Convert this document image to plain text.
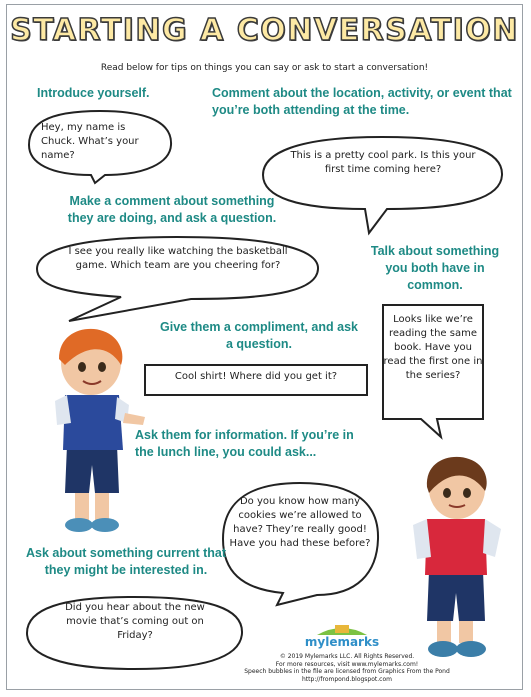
STARTING A CONVERSATION
Read below for tips on things you can say or ask to start a conversation!
Introduce yourself.
Hey, my name is Chuck. What’s your name?
Comment about the location, activity, or event that you’re both attending at the time.
This is a pretty cool park. Is this your first time coming here?
Make a comment about something they are doing, and ask a question.
I see you really like watching the basketball game. Which team are you cheering for?
Talk about something you both have in common.
Looks like we’re reading the same book. Have you read the first one in the series?
Give them a compliment, and ask a question.
Cool shirt! Where did you get it?
Ask them for information. If you’re in the lunch line, you could ask...
Do you know how many cookies we’re allowed to have? They’re really good! Have you had these before?
Ask about something current that they might be interested in.
Did you hear about the new movie that’s coming out on Friday?	mylemarks
© 2019 Mylemarks LLC. All Rights Reserved.
For more resources, visit www.mylemarks.com!
Speech bubbles in the file are licensed from Graphics From the Pond
http://frompond.blogspot.com
